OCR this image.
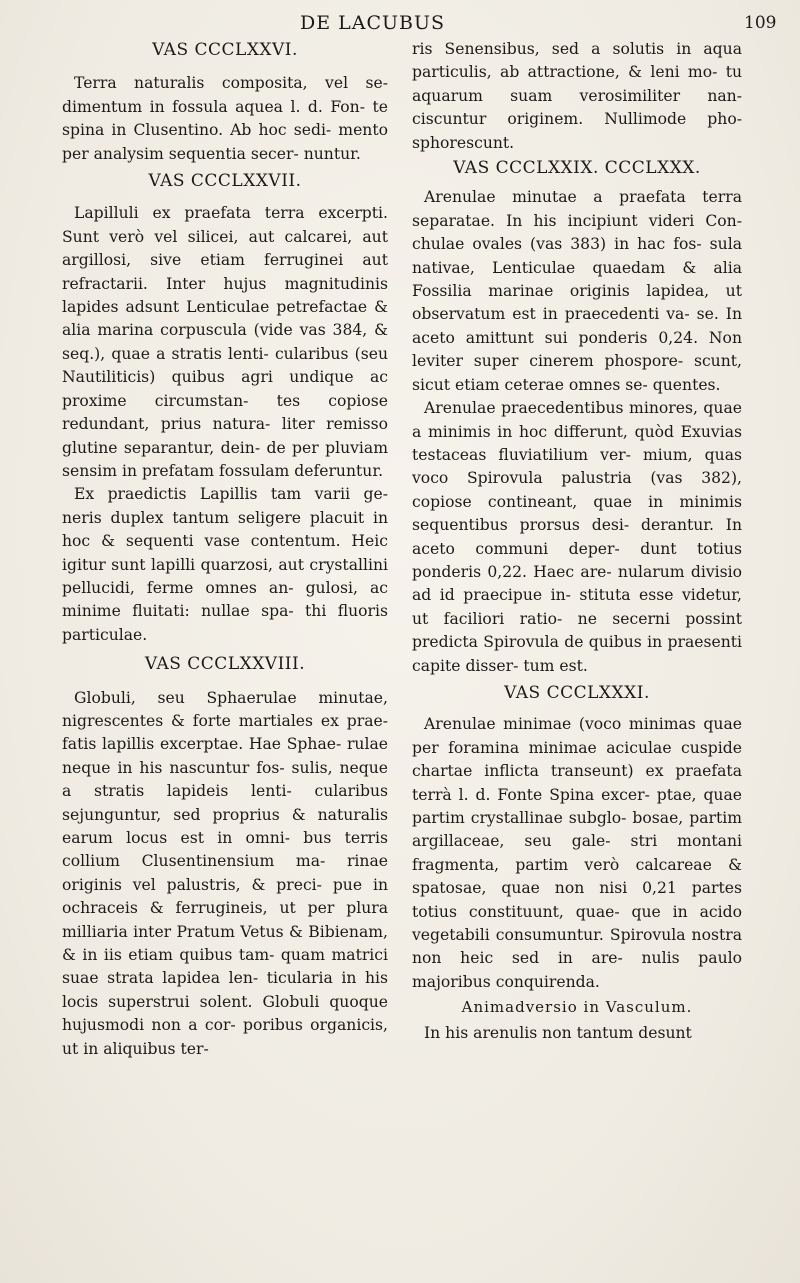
DE LACUBUS	109
VAS CCCLXXVI.

Terra naturalis composita, vel se- dimentum in fossula aquea l. d. Fon- te spina in Clusentino. Ab hoc sedi- mento per analysim sequentia secer- nuntur.

VAS CCCLXXVII.

Lapilluli ex praefata terra excerpti. Sunt verò vel silicei, aut calcarei, aut argillosi, sive etiam ferruginei aut refractarii. Inter hujus magnitudinis lapides adsunt Lenticulae petrefactae & alia marina corpuscula (vide vas 384, & seq.), quae a stratis lenti- cularibus (seu Nautiliticis) quibus agri undique ac proxime circumstan- tes copiose redundant, prius natura- liter remisso glutine separantur, dein- de per pluviam sensim in prefatam fossulam deferuntur.

Ex praedictis Lapillis tam varii ge- neris duplex tantum seligere placuit in hoc & sequenti vase contentum. Heic igitur sunt lapilli quarzosi, aut crystallini pellucidi, ferme omnes an- gulosi, ac minime fluitati: nullae spa- thi fluoris particulae.

VAS CCCLXXVIII.

Globuli, seu Sphaerulae minutae, nigrescentes & forte martiales ex prae- fatis lapillis excerptae. Hae Sphae- rulae neque in his nascuntur fos- sulis, neque a stratis lapideis lenti- cularibus sejunguntur, sed proprius & naturalis earum locus est in omni- bus terris collium Clusentinensium ma- rinae originis vel palustris, & preci- pue in ochraceis & ferrugineis, ut per plura milliaria inter Pratum Vetus & Bibienam, & in iis etiam quibus tam- quam matrici suae strata lapidea len- ticularia in his locis superstrui solent. Globuli quoque hujusmodi non a cor- poribus organicis, ut in aliquibus ter-

ris Senensibus, sed a solutis in aqua particulis, ab attractione, & leni mo- tu aquarum suam verosimiliter nan- ciscuntur originem. Nullimode pho- sphorescunt.

VAS CCCLXXIX. CCCLXXX.

Arenulae minutae a praefata terra separatae. In his incipiunt videri Con- chulae ovales (vas 383) in hac fos- sula nativae, Lenticulae quaedam & alia Fossilia marinae originis lapidea, ut observatum est in praecedenti va- se. In aceto amittunt sui ponderis 0,24. Non leviter super cinerem phospore- scunt, sicut etiam ceterae omnes se- quentes.

Arenulae praecedentibus minores, quae a minimis in hoc differunt, quòd Exuvias testaceas fluviatilium ver- mium, quas voco Spirovula palustria (vas 382), copiose contineant, quae in minimis sequentibus prorsus desi- derantur. In aceto communi deper- dunt totius ponderis 0,22. Haec are- nularum divisio ad id praecipue in- stituta esse videtur, ut faciliori ratio- ne secerni possint predicta Spirovula de quibus in praesenti capite disser- tum est.

VAS CCCLXXXI.

Arenulae minimae (voco minimas quae per foramina minimae aciculae cuspide chartae inflicta transeunt) ex praefata terrà l. d. Fonte Spina excer- ptae, quae partim crystallinae subglo- bosae, partim argillaceae, seu gale- stri montani fragmenta, partim verò calcareae & spatosae, quae non nisi 0,21 partes totius constituunt, quae- que in acido vegetabili consumuntur. Spirovula nostra non heic sed in are- nulis paulo majoribus conquirenda.

Animadversio in Vasculum.

In his arenulis non tantum desunt
